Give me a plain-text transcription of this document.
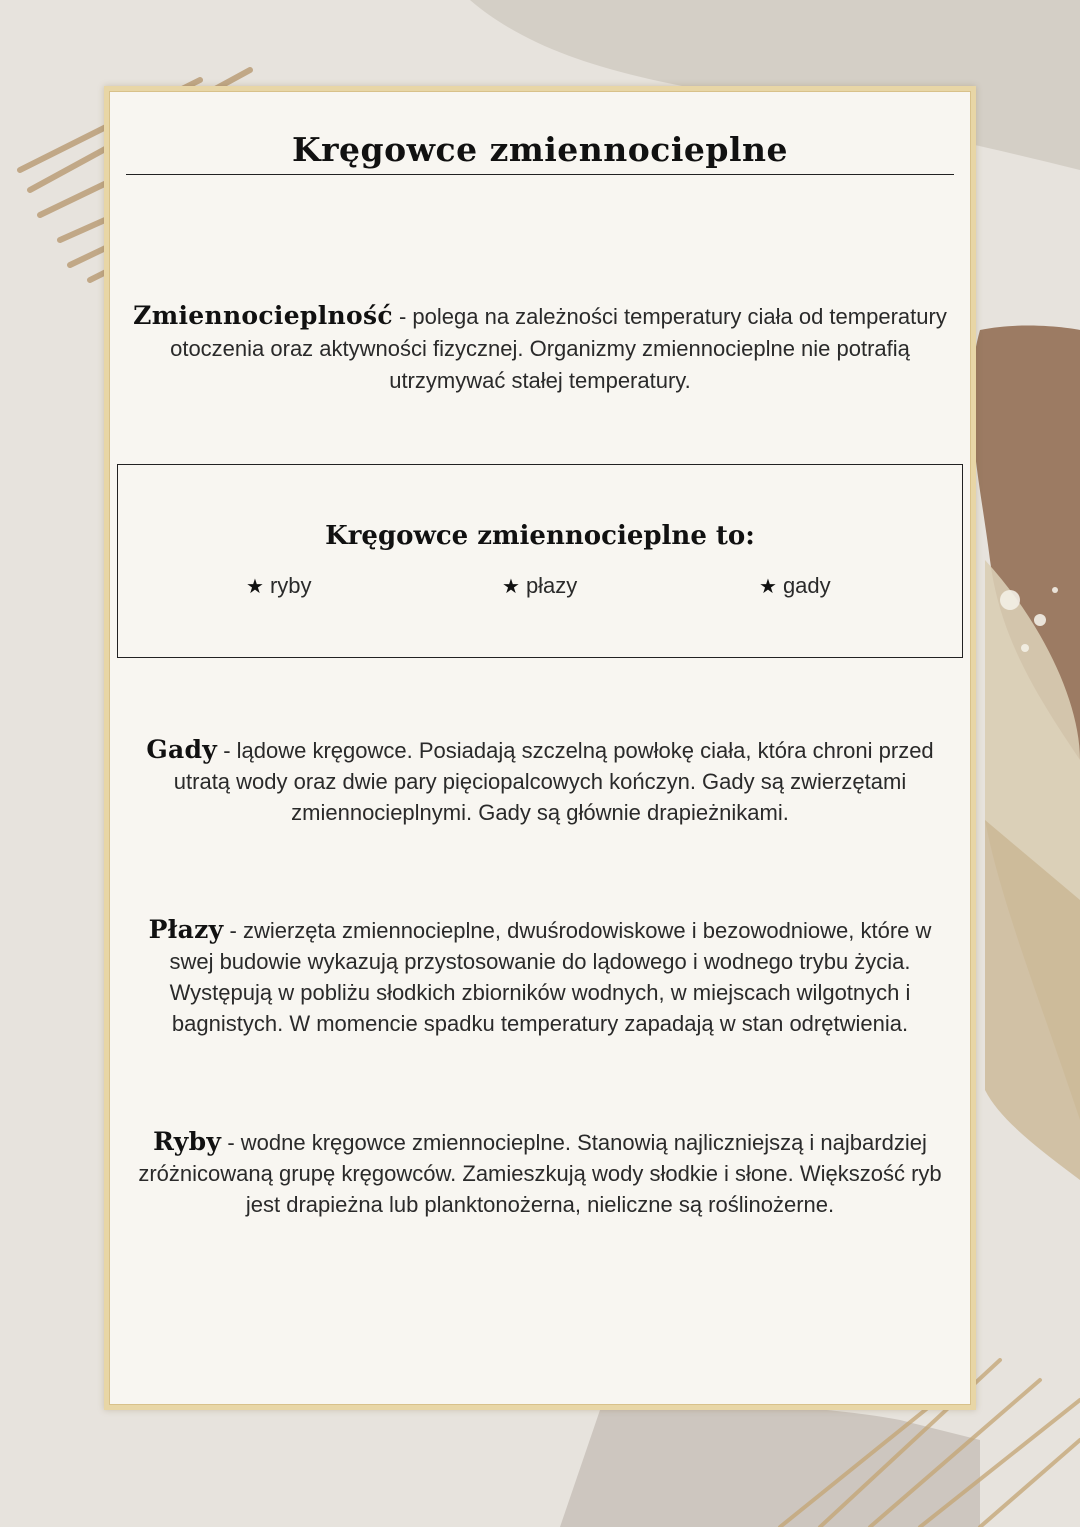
Kręgowce zmiennocieplne
Zmiennocieplność - polega na zależności temperatury ciała od temperatury otoczenia oraz aktywności fizycznej. Organizmy zmiennocieplne nie potrafią utrzymywać stałej temperatury.
Kręgowce zmiennocieplne to:
★ ryby	★ płazy	★ gady
Gady - lądowe kręgowce. Posiadają szczelną powłokę ciała, która chroni przed utratą wody oraz dwie pary pięciopalcowych kończyn. Gady są zwierzętami zmiennocieplnymi. Gady są głównie drapieżnikami.
Płazy - zwierzęta zmiennocieplne, dwuśrodowiskowe i bezowodniowe, które w swej budowie wykazują przystosowanie do lądowego i wodnego trybu życia. Występują w pobliżu słodkich zbiorników wodnych, w miejscach wilgotnych i bagnistych. W momencie spadku temperatury zapadają w stan odrętwienia.
Ryby - wodne kręgowce zmiennocieplne. Stanowią najliczniejszą i najbardziej zróżnicowaną grupę kręgowców. Zamieszkują wody słodkie i słone. Większość ryb jest drapieżna lub planktonożerna, nieliczne są roślinożerne.
